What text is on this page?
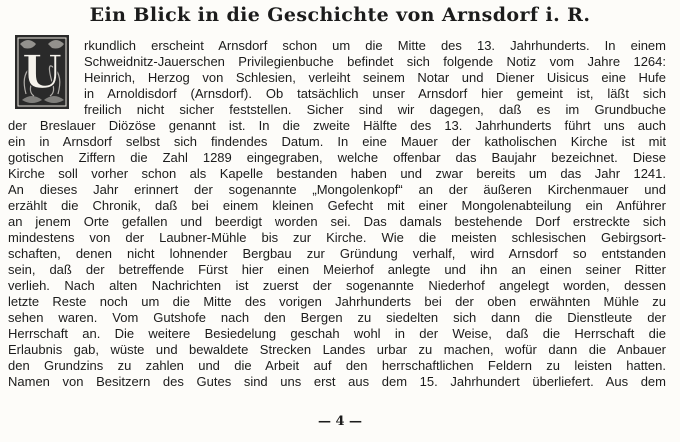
Ein Blick in die Geschichte von Arnsdorf i. R.
U rkundlich erscheint Arnsdorf schon um die Mitte des 13. Jahrhunderts. In einem
Schweidnitz-Jauerschen Privilegienbuche befindet sich folgende Notiz vom Jahre 1264:
Heinrich, Herzog von Schlesien, verleiht seinem Notar und Diener Uisicus eine Hufe
in Arnoldisdorf (Arnsdorf). Ob tatsächlich unser Arnsdorf hier gemeint ist, läßt sich
freilich nicht sicher feststellen. Sicher sind wir dagegen, daß es im Grundbuche
der Breslauer Diözöse genannt ist. In die zweite Hälfte des 13. Jahrhunderts führt uns auch
ein in Arnsdorf selbst sich findendes Datum. In eine Mauer der katholischen Kirche ist mit
gotischen Ziffern die Zahl 1289 eingegraben, welche offenbar das Baujahr bezeichnet. Diese
Kirche soll vorher schon als Kapelle bestanden haben und zwar bereits um das Jahr 1241.
An dieses Jahr erinnert der sogenannte „Mongolenkopf“ an der äußeren Kirchenmauer und
erzählt die Chronik, daß bei einem kleinen Gefecht mit einer Mongolenabteilung ein Anführer
an jenem Orte gefallen und beerdigt worden sei. Das damals bestehende Dorf erstreckte sich
mindestens von der Laubner-Mühle bis zur Kirche. Wie die meisten schlesischen Gebirgsort-
schaften, denen nicht lohnender Bergbau zur Gründung verhalf, wird Arnsdorf so entstanden
sein, daß der betreffende Fürst hier einen Meierhof anlegte und ihn an einen seiner Ritter
verlieh. Nach alten Nachrichten ist zuerst der sogenannte Niederhof angelegt worden, dessen
letzte Reste noch um die Mitte des vorigen Jahrhunderts bei der oben erwähnten Mühle zu
sehen waren. Vom Gutshofe nach den Bergen zu siedelten sich dann die Dienstleute der
Herrschaft an. Die weitere Besiedelung geschah wohl in der Weise, daß die Herrschaft die
Erlaubnis gab, wüste und bewaldete Strecken Landes urbar zu machen, wofür dann die Anbauer
den Grundzins zu zahlen und die Arbeit auf den herrschaftlichen Feldern zu leisten hatten.
Namen von Besitzern des Gutes sind uns erst aus dem 15. Jahrhundert überliefert. Aus dem
— 4 —
